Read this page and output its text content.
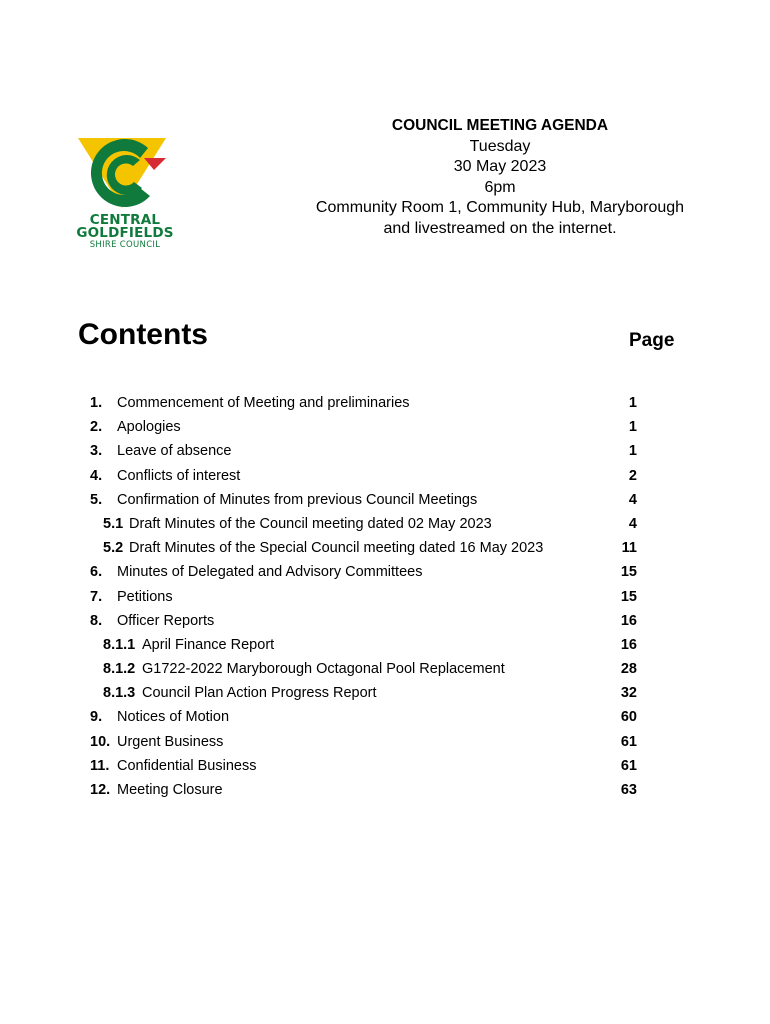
CENTRAL
GOLDFIELDS
SHIRE COUNCIL
COUNCIL MEETING AGENDA
Tuesday
30 May 2023
6pm
Community Room 1, Community Hub, Maryborough
and livestreamed on the internet.
Contents	Page
1. Commencement of Meeting and preliminaries	1
2. Apologies	1
3. Leave of absence	1
4. Conflicts of interest	2
5. Confirmation of Minutes from previous Council Meetings	4
5.1 Draft Minutes of the Council meeting dated 02 May 2023	4
5.2 Draft Minutes of the Special Council meeting dated 16 May 2023	11
6. Minutes of Delegated and Advisory Committees	15
7. Petitions	15
8. Officer Reports	16
8.1.1 April Finance Report	16
8.1.2 G1722-2022 Maryborough Octagonal Pool Replacement	28
8.1.3 Council Plan Action Progress Report	32
9. Notices of Motion	60
10. Urgent Business	61
11. Confidential Business	61
12. Meeting Closure	63
